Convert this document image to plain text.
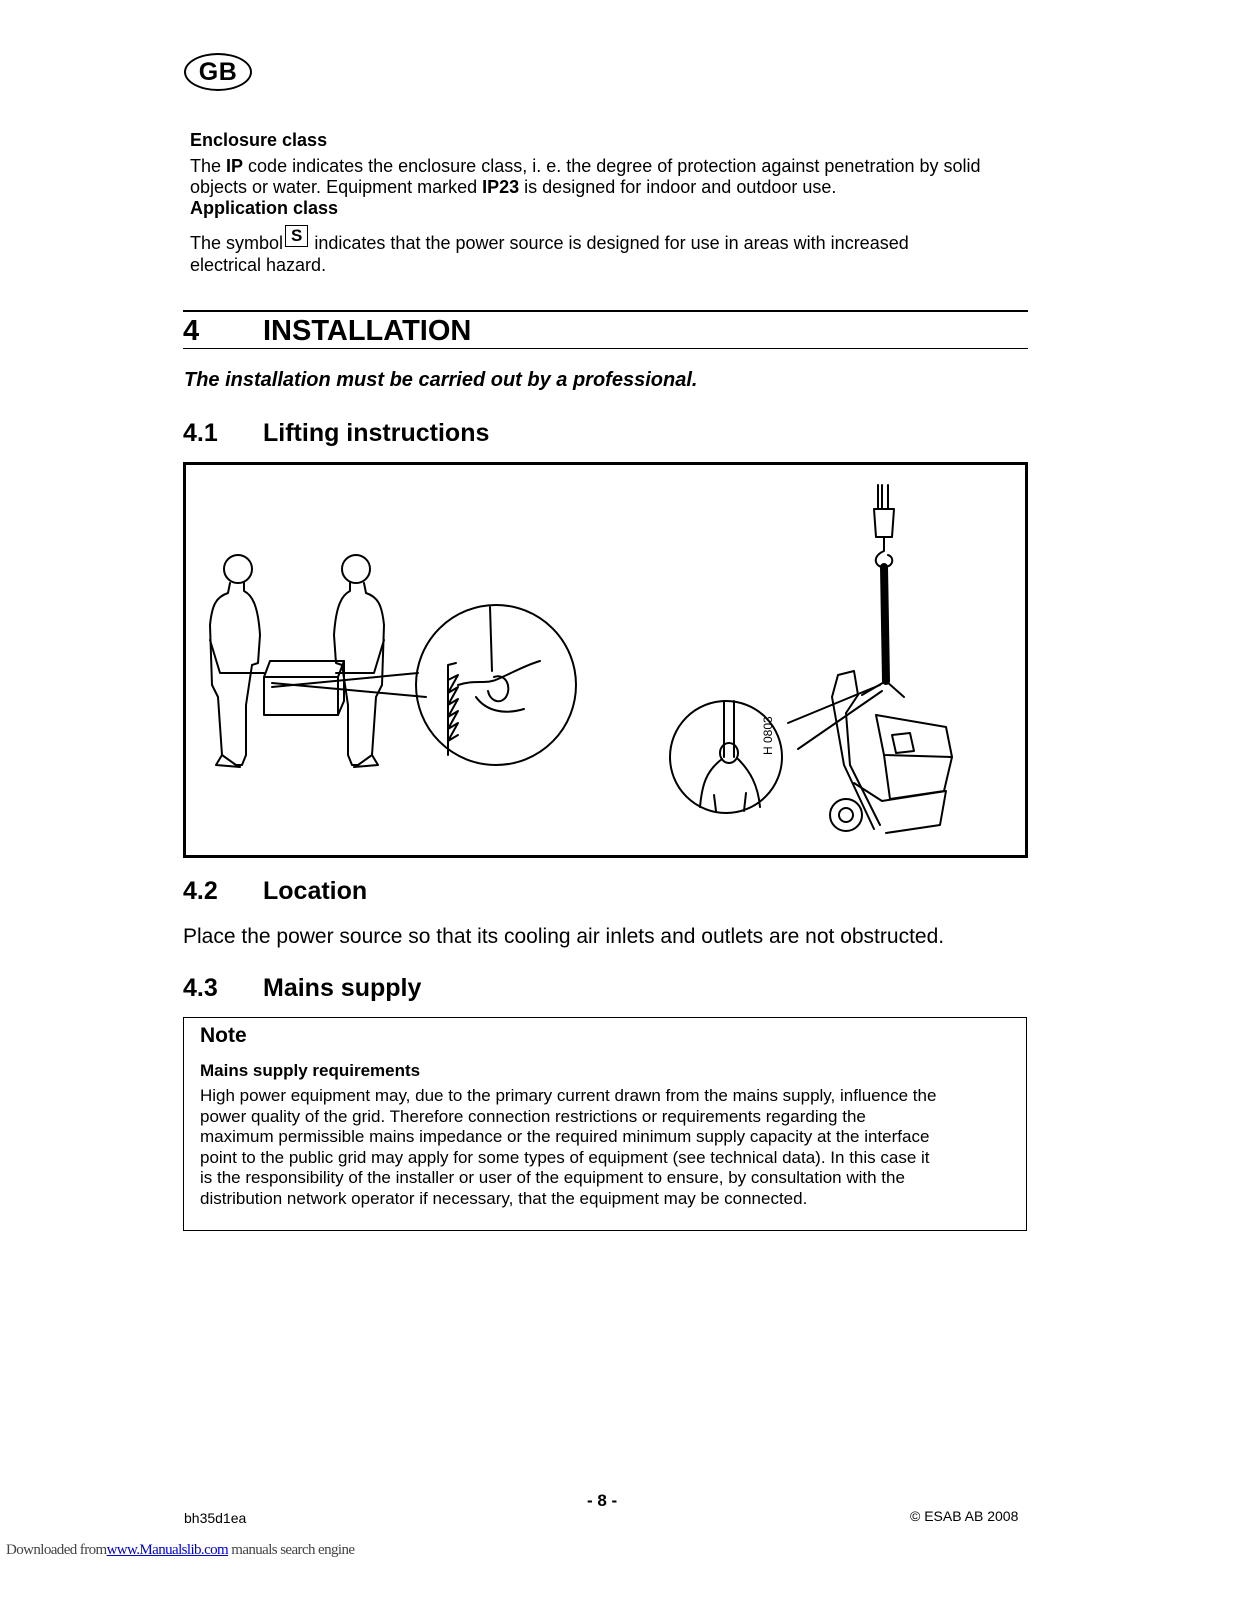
GB
Enclosure class
The IP code indicates the enclosure class, i. e. the degree of protection against penetration by solid
objects or water. Equipment marked IP23 is designed for indoor and outdoor use.
Application class
The symbol S indicates that the power source is designed for use in areas with increased
electrical hazard.
4 INSTALLATION
The installation must be carried out by a professional.
4.1 Lifting instructions
H 0803
4.2 Location
Place the power source so that its cooling air inlets and outlets are not obstructed.
4.3 Mains supply
Note
Mains supply requirements
High power equipment may, due to the primary current drawn from the mains supply, influence the
power quality of the grid. Therefore connection restrictions or requirements regarding the
maximum permissible mains impedance or the required minimum supply capacity at the interface
point to the public grid may apply for some types of equipment (see technical data). In this case it
is the responsibility of the installer or user of the equipment to ensure, by consultation with the
distribution network operator if necessary, that the equipment may be connected.
- 8 -
bh35d1ea	© ESAB AB 2008
Downloaded fromwww.Manualslib.com manuals search engine
